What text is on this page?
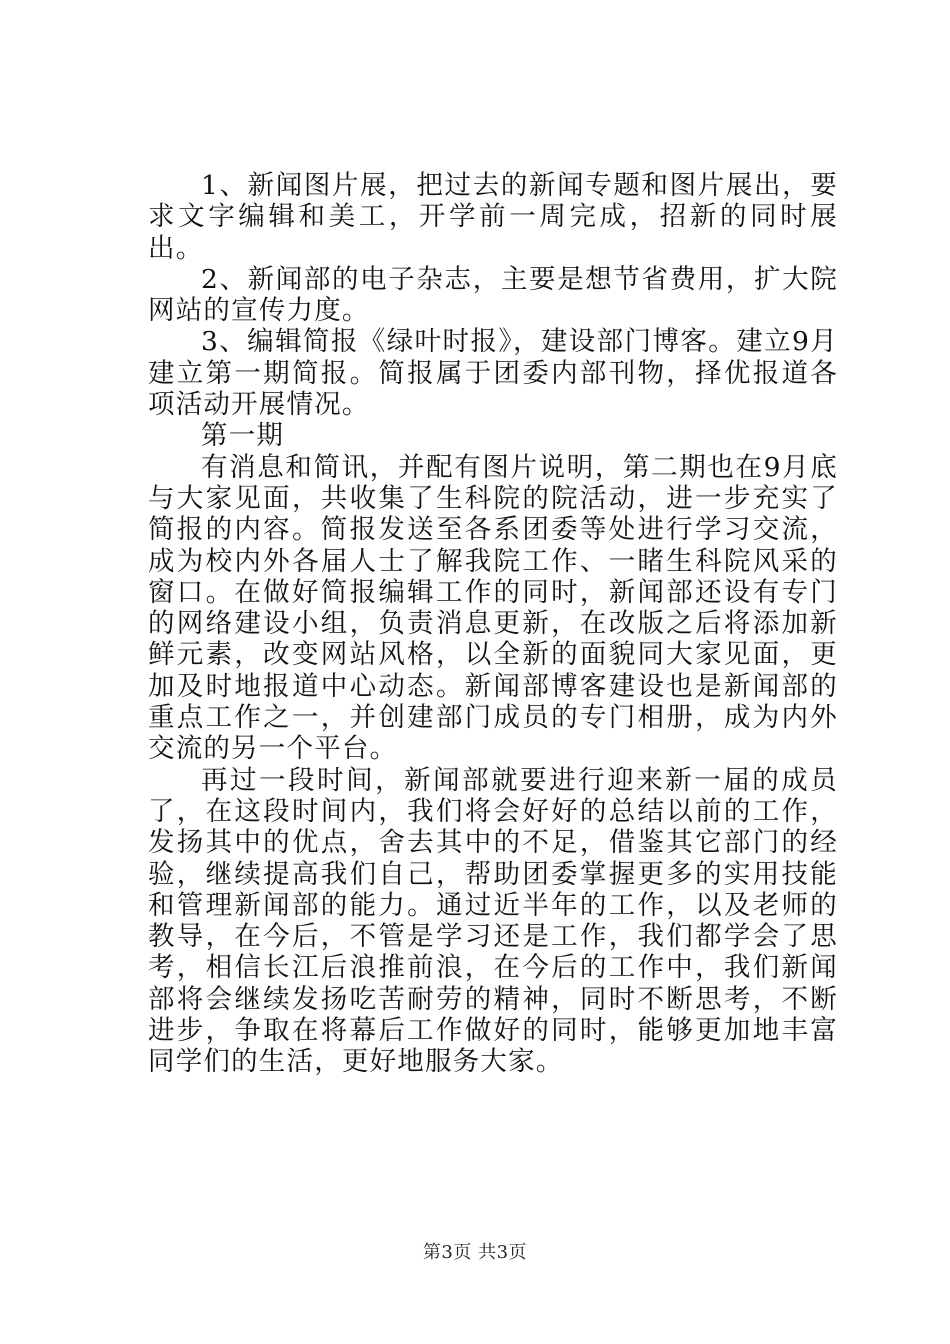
1、新闻图片展，把过去的新闻专题和图片展出，要求文字编辑和美工，开学前一周完成，招新的同时展出。

2、新闻部的电子杂志，主要是想节省费用，扩大院网站的宣传力度。

3、编辑简报《绿叶时报》，建设部门博客。建立9月建立第一期简报。简报属于团委内部刊物，择优报道各项活动开展情况。

第一期

有消息和简讯，并配有图片说明，第二期也在9月底与大家见面，共收集了生科院的院活动，进一步充实了简报的内容。简报发送至各系团委等处进行学习交流，成为校内外各届人士了解我院工作、一睹生科院风采的窗口。在做好简报编辑工作的同时，新闻部还设有专门的网络建设小组，负责消息更新，在改版之后将添加新鲜元素，改变网站风格，以全新的面貌同大家见面，更加及时地报道中心动态。新闻部博客建设也是新闻部的重点工作之一，并创建部门成员的专门相册，成为内外交流的另一个平台。

再过一段时间，新闻部就要进行迎来新一届的成员了，在这段时间内，我们将会好好的总结以前的工作，发扬其中的优点，舍去其中的不足，借鉴其它部门的经验，继续提高我们自己，帮助团委掌握更多的实用技能和管理新闻部的能力。通过近半年的工作，以及老师的教导，在今后，不管是学习还是工作，我们都学会了思考，相信长江后浪推前浪，在今后的工作中，我们新闻部将会继续发扬吃苦耐劳的精神，同时不断思考，不断进步，争取在将幕后工作做好的同时，能够更加地丰富同学们的生活，更好地服务大家。

第3页 共3页
